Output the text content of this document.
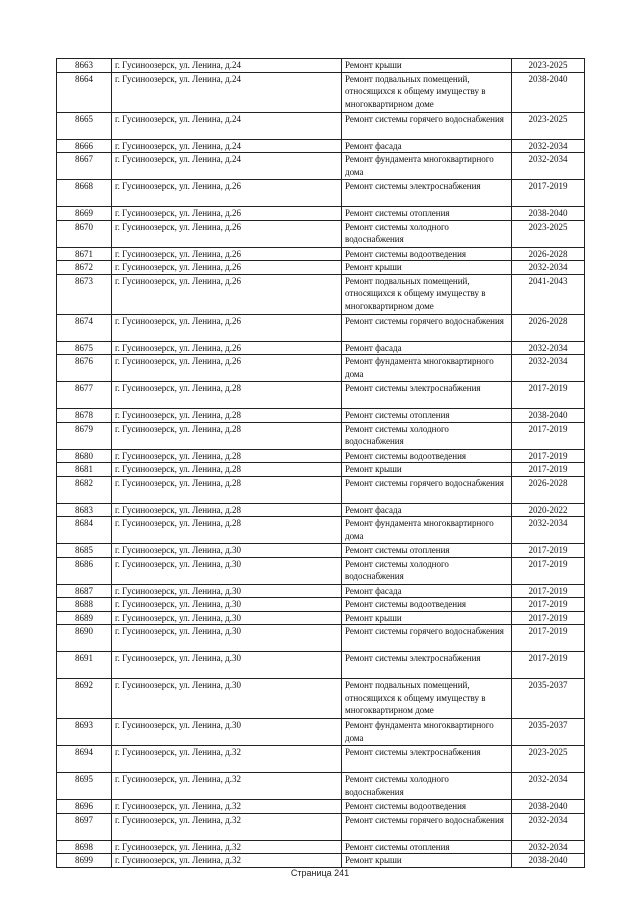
8663	г. Гусиноозерск, ул. Ленина, д.24	Ремонт крыши	2023-2025
8664	г. Гусиноозерск, ул. Ленина, д.24	Ремонт подвальных помещений, относящихся к общему имуществу в многоквартирном доме	2038-2040
8665	г. Гусиноозерск, ул. Ленина, д.24	Ремонт системы горячего водоснабжения	2023-2025
8666	г. Гусиноозерск, ул. Ленина, д.24	Ремонт фасада	2032-2034
8667	г. Гусиноозерск, ул. Ленина, д.24	Ремонт фундамента многоквартирного дома	2032-2034
8668	г. Гусиноозерск, ул. Ленина, д.26	Ремонт системы электроснабжения	2017-2019
8669	г. Гусиноозерск, ул. Ленина, д.26	Ремонт системы отопления	2038-2040
8670	г. Гусиноозерск, ул. Ленина, д.26	Ремонт системы холодного водоснабжения	2023-2025
8671	г. Гусиноозерск, ул. Ленина, д.26	Ремонт системы водоотведения	2026-2028
8672	г. Гусиноозерск, ул. Ленина, д.26	Ремонт крыши	2032-2034
8673	г. Гусиноозерск, ул. Ленина, д.26	Ремонт подвальных помещений, относящихся к общему имуществу в многоквартирном доме	2041-2043
8674	г. Гусиноозерск, ул. Ленина, д.26	Ремонт системы горячего водоснабжения	2026-2028
8675	г. Гусиноозерск, ул. Ленина, д.26	Ремонт фасада	2032-2034
8676	г. Гусиноозерск, ул. Ленина, д.26	Ремонт фундамента многоквартирного дома	2032-2034
8677	г. Гусиноозерск, ул. Ленина, д.28	Ремонт системы электроснабжения	2017-2019
8678	г. Гусиноозерск, ул. Ленина, д.28	Ремонт системы отопления	2038-2040
8679	г. Гусиноозерск, ул. Ленина, д.28	Ремонт системы холодного водоснабжения	2017-2019
8680	г. Гусиноозерск, ул. Ленина, д.28	Ремонт системы водоотведения	2017-2019
8681	г. Гусиноозерск, ул. Ленина, д.28	Ремонт крыши	2017-2019
8682	г. Гусиноозерск, ул. Ленина, д.28	Ремонт системы горячего водоснабжения	2026-2028
8683	г. Гусиноозерск, ул. Ленина, д.28	Ремонт фасада	2020-2022
8684	г. Гусиноозерск, ул. Ленина, д.28	Ремонт фундамента многоквартирного дома	2032-2034
8685	г. Гусиноозерск, ул. Ленина, д.30	Ремонт системы отопления	2017-2019
8686	г. Гусиноозерск, ул. Ленина, д.30	Ремонт системы холодного водоснабжения	2017-2019
8687	г. Гусиноозерск, ул. Ленина, д.30	Ремонт фасада	2017-2019
8688	г. Гусиноозерск, ул. Ленина, д.30	Ремонт системы водоотведения	2017-2019
8689	г. Гусиноозерск, ул. Ленина, д.30	Ремонт крыши	2017-2019
8690	г. Гусиноозерск, ул. Ленина, д.30	Ремонт системы горячего водоснабжения	2017-2019
8691	г. Гусиноозерск, ул. Ленина, д.30	Ремонт системы электроснабжения	2017-2019
8692	г. Гусиноозерск, ул. Ленина, д.30	Ремонт подвальных помещений, относящихся к общему имуществу в многоквартирном доме	2035-2037
8693	г. Гусиноозерск, ул. Ленина, д.30	Ремонт фундамента многоквартирного дома	2035-2037
8694	г. Гусиноозерск, ул. Ленина, д.32	Ремонт системы электроснабжения	2023-2025
8695	г. Гусиноозерск, ул. Ленина, д.32	Ремонт системы холодного водоснабжения	2032-2034
8696	г. Гусиноозерск, ул. Ленина, д.32	Ремонт системы водоотведения	2038-2040
8697	г. Гусиноозерск, ул. Ленина, д.32	Ремонт системы горячего водоснабжения	2032-2034
8698	г. Гусиноозерск, ул. Ленина, д.32	Ремонт системы отопления	2032-2034
8699	г. Гусиноозерск, ул. Ленина, д.32	Ремонт крыши	2038-2040
Страница 241
